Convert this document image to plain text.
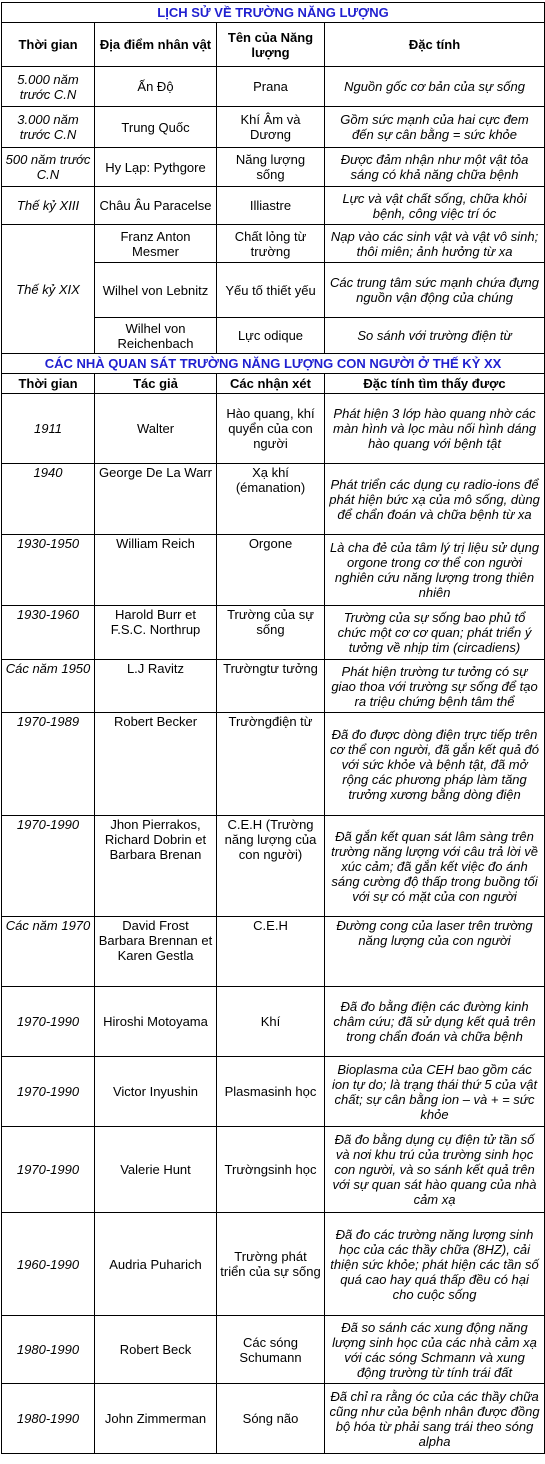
LỊCH SỬ VỀ TRƯỜNG NĂNG LƯỢNG			
Thời gian	Địa điểm nhân vật	Tên của Năng lượng	Đặc tính
5.000 năm trước C.N	Ấn Độ	Prana	Nguồn gốc cơ bản của sự sống
3.000 năm trước C.N	Trung Quốc	Khí Âm và Dương	Gồm sức mạnh của hai cực đem đến sự cân bằng = sức khỏe
500 năm trước C.N	Hy Lạp: Pythgore	Năng lượng sống	Được đảm nhận như một vật tỏa sáng có khả năng chữa bệnh
Thế kỷ XIII	Châu Âu Paracelse	Illiastre	Lực và vật chất sống, chữa khỏi bệnh, công việc trí óc
Thế kỷ XIX	Franz Anton Mesmer	Chất lỏng từ trường	Nạp vào các sinh vật và vật vô sinh; thôi miên; ảnh hưởng từ xa
	Wilhel von Lebnitz	Yếu tố thiết yếu	Các trung tâm sức mạnh chứa đựng nguồn vận động của chúng
	Wilhel von Reichenbach	Lực odique	So sánh với trường điện từ
CÁC NHÀ QUAN SÁT TRƯỜNG NĂNG LƯỢNG CON NGƯỜI Ở THẾ KỶ XX			
Thời gian	Tác giả	Các nhận xét	Đặc tính tìm thấy được
1911	Walter	Hào quang, khí quyển của con người	Phát hiện 3 lớp hào quang nhờ các màn hình và lọc màu nối hình dáng hào quang với bệnh tật
1940	George De La Warr	Xạ khí (émanation)	Phát triển các dụng cụ radio-ions để phát hiện bức xạ của mô sống, dùng để chẩn đoán và chữa bệnh từ xa
1930-1950	William Reich	Orgone	Là cha đẻ của tâm lý trị liệu sử dụng orgone trong cơ thể con người nghiên cứu năng lượng trong thiên nhiên
1930-1960	Harold Burr et F.S.C. Northrup	Trường của sự sống	Trường của sự sống bao phủ tổ chức một cơ cơ quan; phát triển ý tưởng về nhịp tim (circadiens)
Các năm 1950	L.J Ravitz	Trườngtư tưởng	Phát hiện trường tư tưởng có sự giao thoa với trường sự sống để tạo ra triệu chứng bệnh tâm thể
1970-1989	Robert Becker	Trườngđiện từ	Đã đo được dòng điện trực tiếp trên cơ thể con người, đã gắn kết quả đó với sức khỏe và bệnh tật, đã mở rộng các phương pháp làm tăng trưởng xương bằng dòng điện
1970-1990	Jhon Pierrakos, Richard Dobrin et Barbara Brenan	C.E.H (Trường năng lượng của con người)	Đã gắn kết quan sát lâm sàng trên trường năng lượng với câu trả lời về xúc cảm; đã gắn kết việc đo ánh sáng cường độ thấp trong buồng tối với sự có mặt của con người
Các năm 1970	David Frost Barbara Brennan et Karen Gestla	C.E.H	Đường cong của laser trên trường năng lượng của con người
1970-1990	Hiroshi Motoyama	Khí	Đã đo bằng điện các đường kinh châm cứu; đã sử dụng kết quả trên trong chẩn đoán và chữa bệnh
1970-1990	Victor Inyushin	Plasmasinh học	Bioplasma của CEH bao gồm các ion tự do; là trạng thái thứ 5 của vật chất; sự cân bằng ion – và + = sức khỏe
1970-1990	Valerie Hunt	Trườngsinh học	Đã đo bằng dụng cụ điện tử tần số và nơi khu trú của trường sinh học con người, và so sánh kết quả trên với sự quan sát hào quang của nhà cảm xạ
1960-1990	Audria Puharich	Trường phát triển của sự sống	Đã đo các trường năng lượng sinh học của các thầy chữa (8HZ), cải thiện sức khỏe; phát hiện các tần số quá cao hay quá thấp đều có hại cho cuộc sống
1980-1990	Robert Beck	Các sóng Schumann	Đã so sánh các xung động năng lượng sinh học của các nhà cảm xạ với các sóng Schmann và xung động trường từ tính trái đất
1980-1990	John Zimmerman	Sóng não	Đã chỉ ra rằng óc của các thầy chữa cũng như của bệnh nhân được đồng bộ hóa từ phải sang trái theo sóng alpha
